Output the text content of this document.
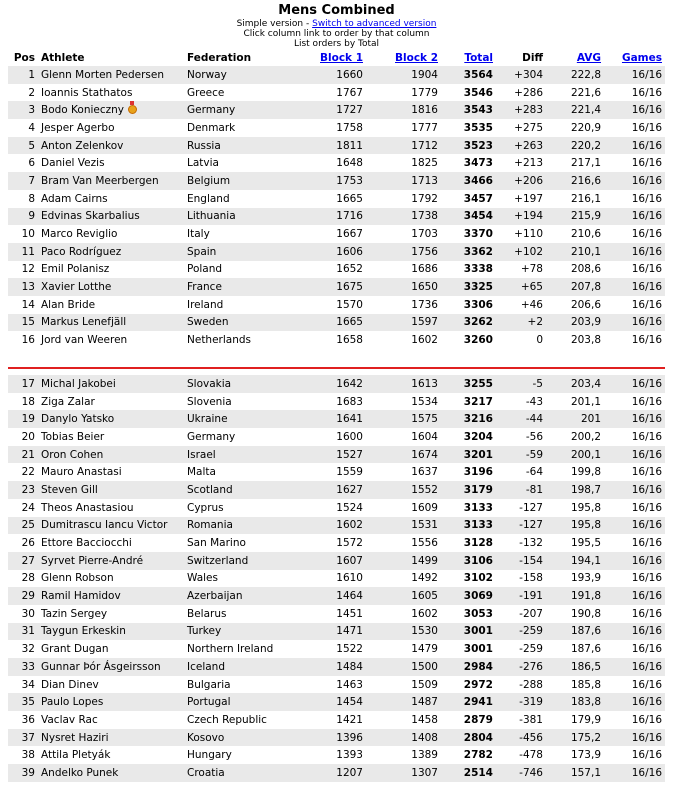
Mens Combined
Simple version - Switch to advanced version
Click column link to order by that column
List orders by Total
Pos	Athlete	Federation	Block 1	Block 2	Total	Diff	AVG	Games
1	Glenn Morten Pedersen	Norway	1660	1904	3564	+304	222,8	16/16
2	Ioannis Stathatos	Greece	1767	1779	3546	+286	221,6	16/16
3	Bodo Konieczny	Germany	1727	1816	3543	+283	221,4	16/16
4	Jesper Agerbo	Denmark	1758	1777	3535	+275	220,9	16/16
5	Anton Zelenkov	Russia	1811	1712	3523	+263	220,2	16/16
6	Daniel Vezis	Latvia	1648	1825	3473	+213	217,1	16/16
7	Bram Van Meerbergen	Belgium	1753	1713	3466	+206	216,6	16/16
8	Adam Cairns	England	1665	1792	3457	+197	216,1	16/16
9	Edvinas Skarbalius	Lithuania	1716	1738	3454	+194	215,9	16/16
10	Marco Reviglio	Italy	1667	1703	3370	+110	210,6	16/16
11	Paco Rodríguez	Spain	1606	1756	3362	+102	210,1	16/16
12	Emil Polanisz	Poland	1652	1686	3338	+78	208,6	16/16
13	Xavier Lotthe	France	1675	1650	3325	+65	207,8	16/16
14	Alan Bride	Ireland	1570	1736	3306	+46	206,6	16/16
15	Markus Lenefjäll	Sweden	1665	1597	3262	+2	203,9	16/16
16	Jord van Weeren	Netherlands	1658	1602	3260	0	203,8	16/16

17	Michal Jakobei	Slovakia	1642	1613	3255	-5	203,4	16/16
18	Ziga Zalar	Slovenia	1683	1534	3217	-43	201,1	16/16
19	Danylo Yatsko	Ukraine	1641	1575	3216	-44	201	16/16
20	Tobias Beier	Germany	1600	1604	3204	-56	200,2	16/16
21	Oron Cohen	Israel	1527	1674	3201	-59	200,1	16/16
22	Mauro Anastasi	Malta	1559	1637	3196	-64	199,8	16/16
23	Steven Gill	Scotland	1627	1552	3179	-81	198,7	16/16
24	Theos Anastasiou	Cyprus	1524	1609	3133	-127	195,8	16/16
25	Dumitrascu Iancu Victor	Romania	1602	1531	3133	-127	195,8	16/16
26	Ettore Bacciocchi	San Marino	1572	1556	3128	-132	195,5	16/16
27	Syrvet Pierre-André	Switzerland	1607	1499	3106	-154	194,1	16/16
28	Glenn Robson	Wales	1610	1492	3102	-158	193,9	16/16
29	Ramil Hamidov	Azerbaijan	1464	1605	3069	-191	191,8	16/16
30	Tazin Sergey	Belarus	1451	1602	3053	-207	190,8	16/16
31	Taygun Erkeskin	Turkey	1471	1530	3001	-259	187,6	16/16
32	Grant Dugan	Northern Ireland	1522	1479	3001	-259	187,6	16/16
33	Gunnar Þór Ásgeirsson	Iceland	1484	1500	2984	-276	186,5	16/16
34	Dian Dinev	Bulgaria	1463	1509	2972	-288	185,8	16/16
35	Paulo Lopes	Portugal	1454	1487	2941	-319	183,8	16/16
36	Vaclav Rac	Czech Republic	1421	1458	2879	-381	179,9	16/16
37	Nysret Haziri	Kosovo	1396	1408	2804	-456	175,2	16/16
38	Attila Pletyák	Hungary	1393	1389	2782	-478	173,9	16/16
39	Andelko Punek	Croatia	1207	1307	2514	-746	157,1	16/16
